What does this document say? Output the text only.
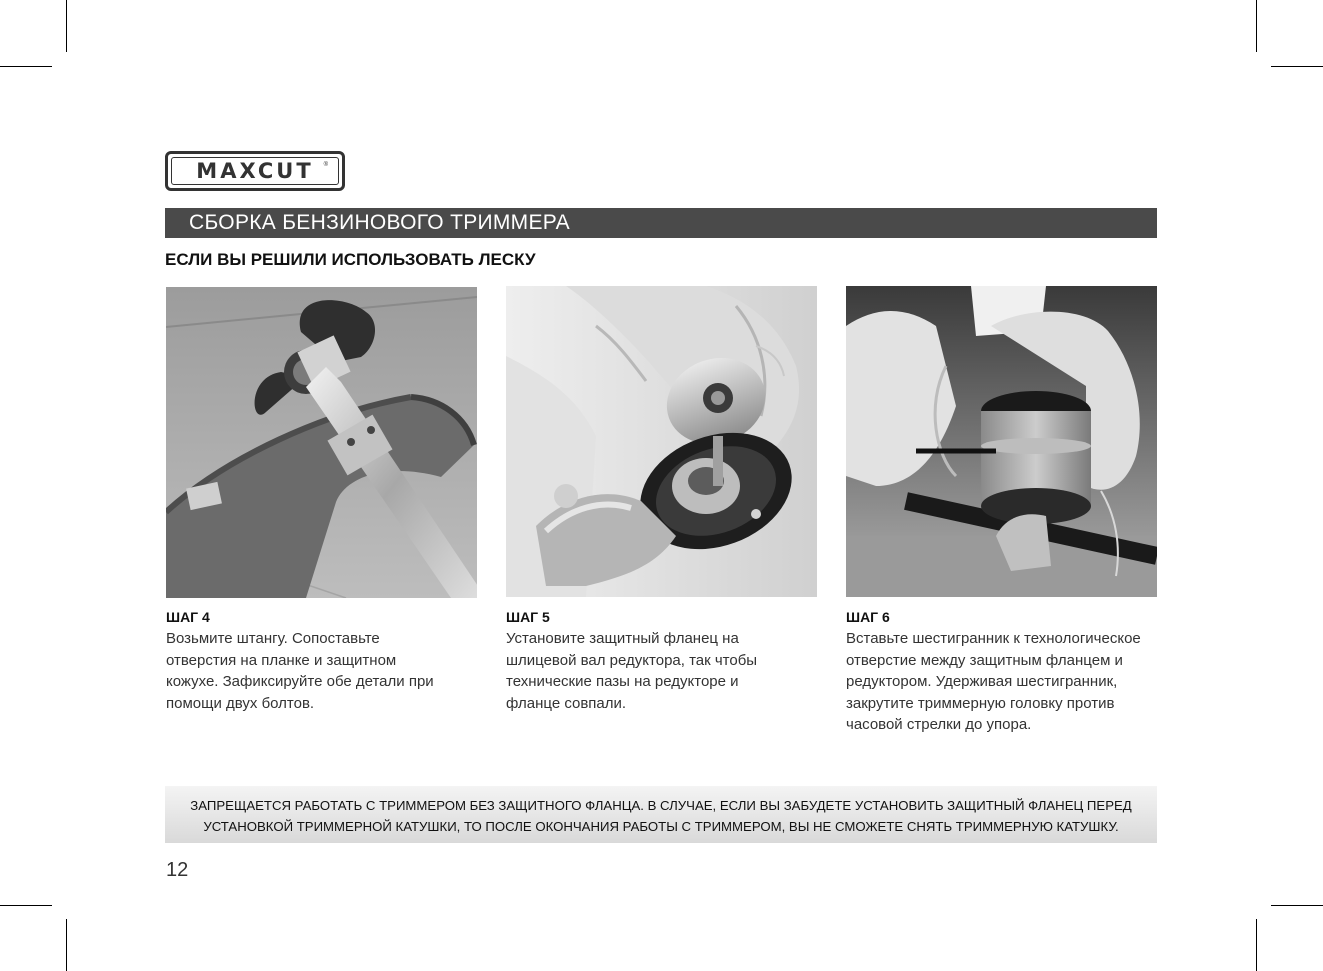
MAXCUT ®
СБОРКА БЕНЗИНОВОГО ТРИММЕРА
ЕСЛИ ВЫ РЕШИЛИ ИСПОЛЬЗОВАТЬ ЛЕСКУ
ШАГ 4
Возьмите штангу. Сопоставьте
отверстия на планке и защитном
кожухе. Зафиксируйте обе детали при
помощи двух болтов.
ШАГ 5
Установите защитный фланец на
шлицевой вал редуктора, так чтобы
технические пазы на редукторе и
фланце совпали.
ШАГ 6
Вставьте шестигранник к технологическое
отверстие между защитным фланцем и
редуктором. Удерживая шестигранник,
закрутите триммерную головку против
часовой стрелки до упора.
ЗАПРЕЩАЕТСЯ РАБОТАТЬ С ТРИММЕРОМ БЕЗ ЗАЩИТНОГО ФЛАНЦА. В СЛУЧАЕ, ЕСЛИ ВЫ ЗАБУДЕТЕ УСТАНОВИТЬ ЗАЩИТНЫЙ ФЛАНЕЦ ПЕРЕД
УСТАНОВКОЙ ТРИММЕРНОЙ КАТУШКИ, ТО ПОСЛЕ ОКОНЧАНИЯ РАБОТЫ С ТРИММЕРОМ, ВЫ НЕ СМОЖЕТЕ СНЯТЬ ТРИММЕРНУЮ КАТУШКУ.
12
